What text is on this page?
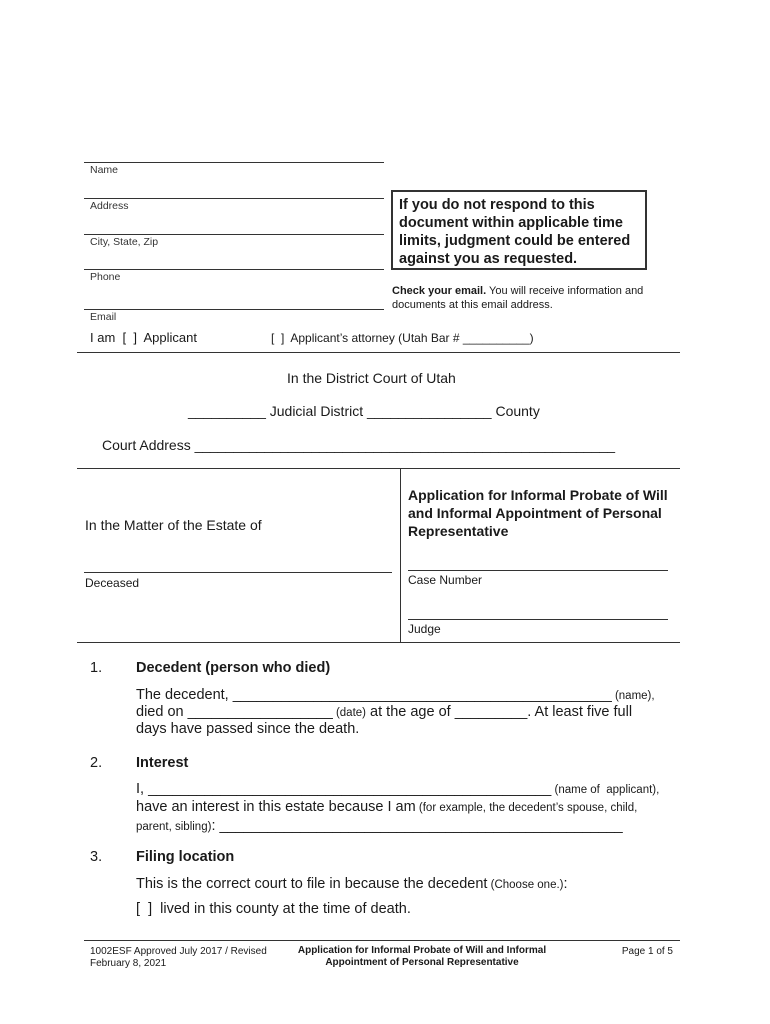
Name
Address
City, State, Zip
Phone
Email
If you do not respond to this document within applicable time limits, judgment could be entered against you as requested.
Check your email. You will receive information and documents at this email address.
I am  [  ]  Applicant	[  ]  Applicant’s attorney (Utah Bar # __________)
In the District Court of Utah
__________ Judicial District ________________ County
Court Address ______________________________________________________
In the Matter of the Estate of
Deceased
Application for Informal Probate of Will and Informal Appointment of Personal Representative
Case Number
Judge
1. Decedent (person who died)
The decedent, _______________________________________________ (name),
died on __________________ (date) at the age of _________. At least five full
days have passed since the death.
2. Interest
I, __________________________________________________ (name of  applicant),
have an interest in this estate because I am (for example, the decedent’s spouse, child,
parent, sibling): __________________________________________________
3. Filing location
This is the correct court to file in because the decedent (Choose one.):
[  ]  lived in this county at the time of death.
1002ESF Approved July 2017 / Revised February 8, 2021
Application for Informal Probate of Will and Informal Appointment of Personal Representative
Page 1 of 5
